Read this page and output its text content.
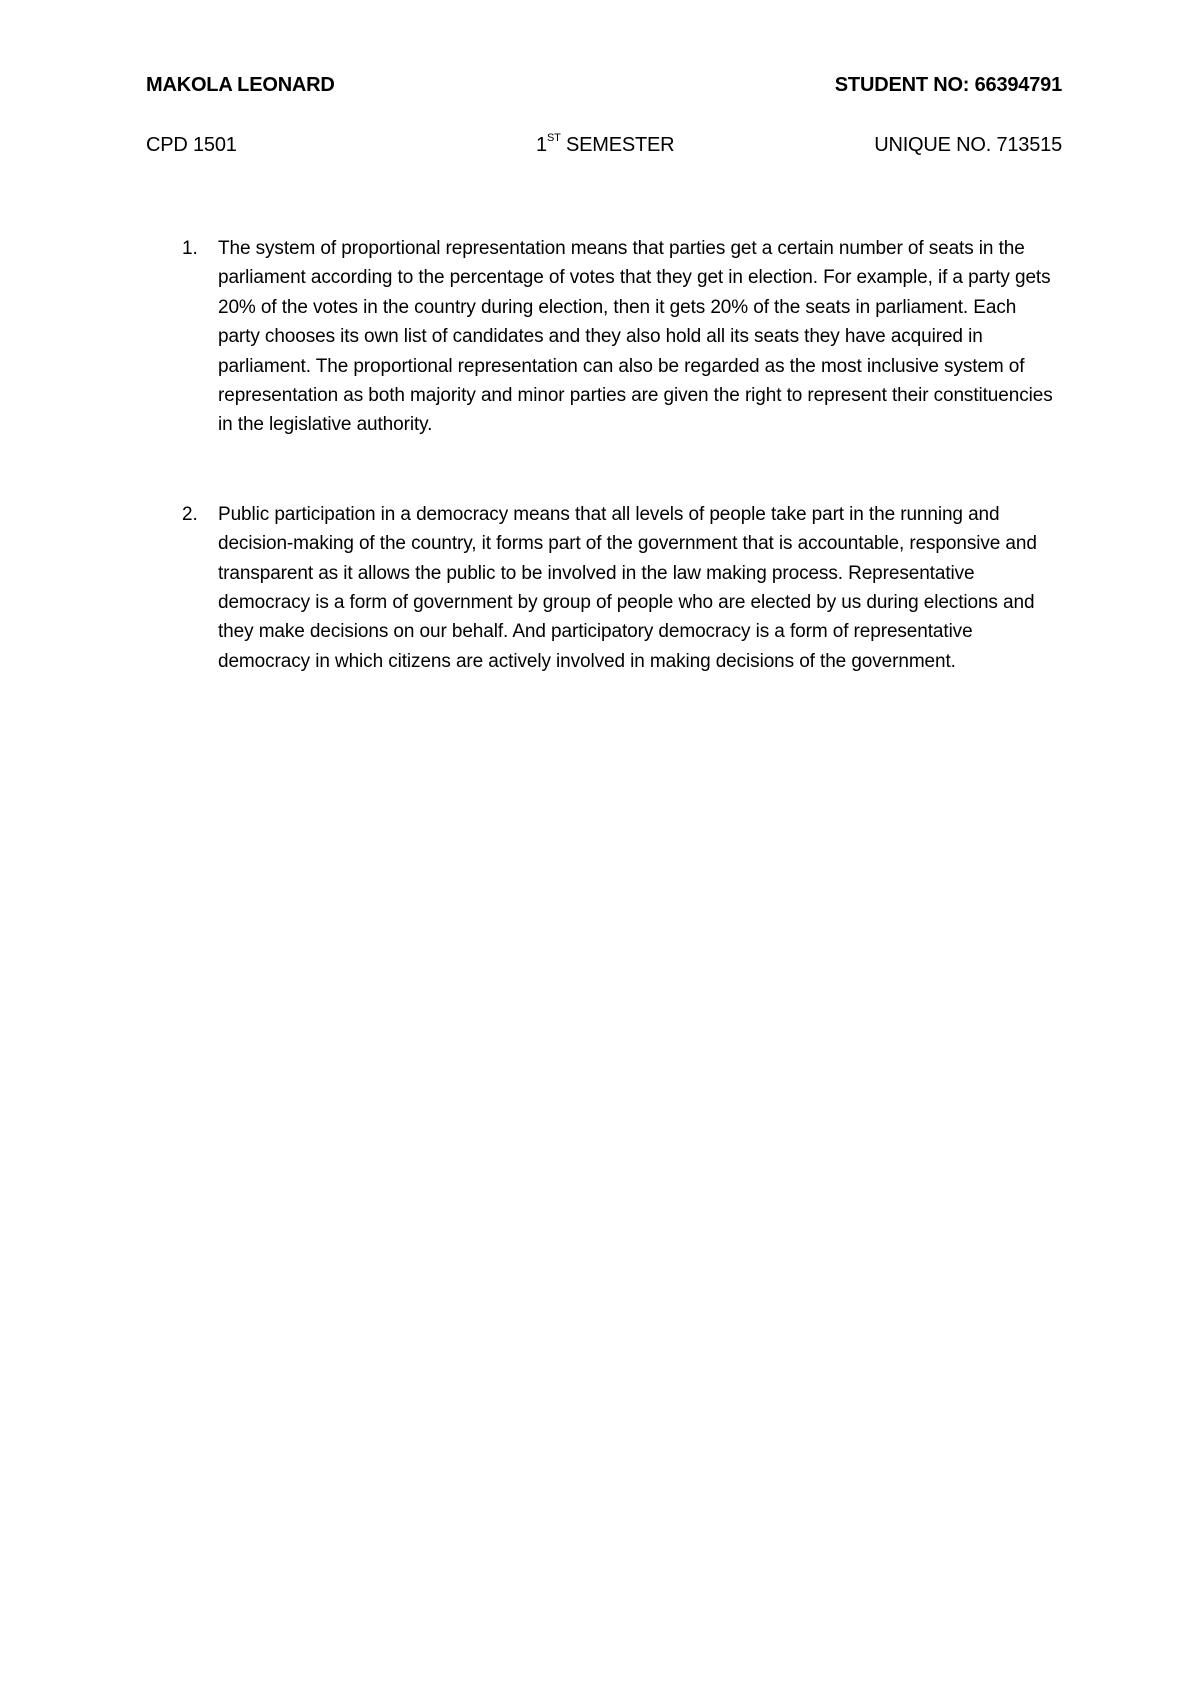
MAKOLA LEONARD	STUDENT NO: 66394791
CPD 1501	1ST SEMESTER	UNIQUE NO. 713515
1. The system of proportional representation means that parties get a certain number of seats in the parliament according to the percentage of votes that they get in election. For example, if a party gets 20% of the votes in the country during election, then it gets 20% of the seats in parliament. Each party chooses its own list of candidates and they also hold all its seats they have acquired in parliament. The proportional representation can also be regarded as the most inclusive system of representation as both majority and minor parties are given the right to represent their constituencies in the legislative authority.
2. Public participation in a democracy means that all levels of people take part in the running and decision-making of the country, it forms part of the government that is accountable, responsive and transparent as it allows the public to be involved in the law making process. Representative democracy is a form of government by group of people who are elected by us during elections and they make decisions on our behalf. And participatory democracy is a form of representative democracy in which citizens are actively involved in making decisions of the government.
